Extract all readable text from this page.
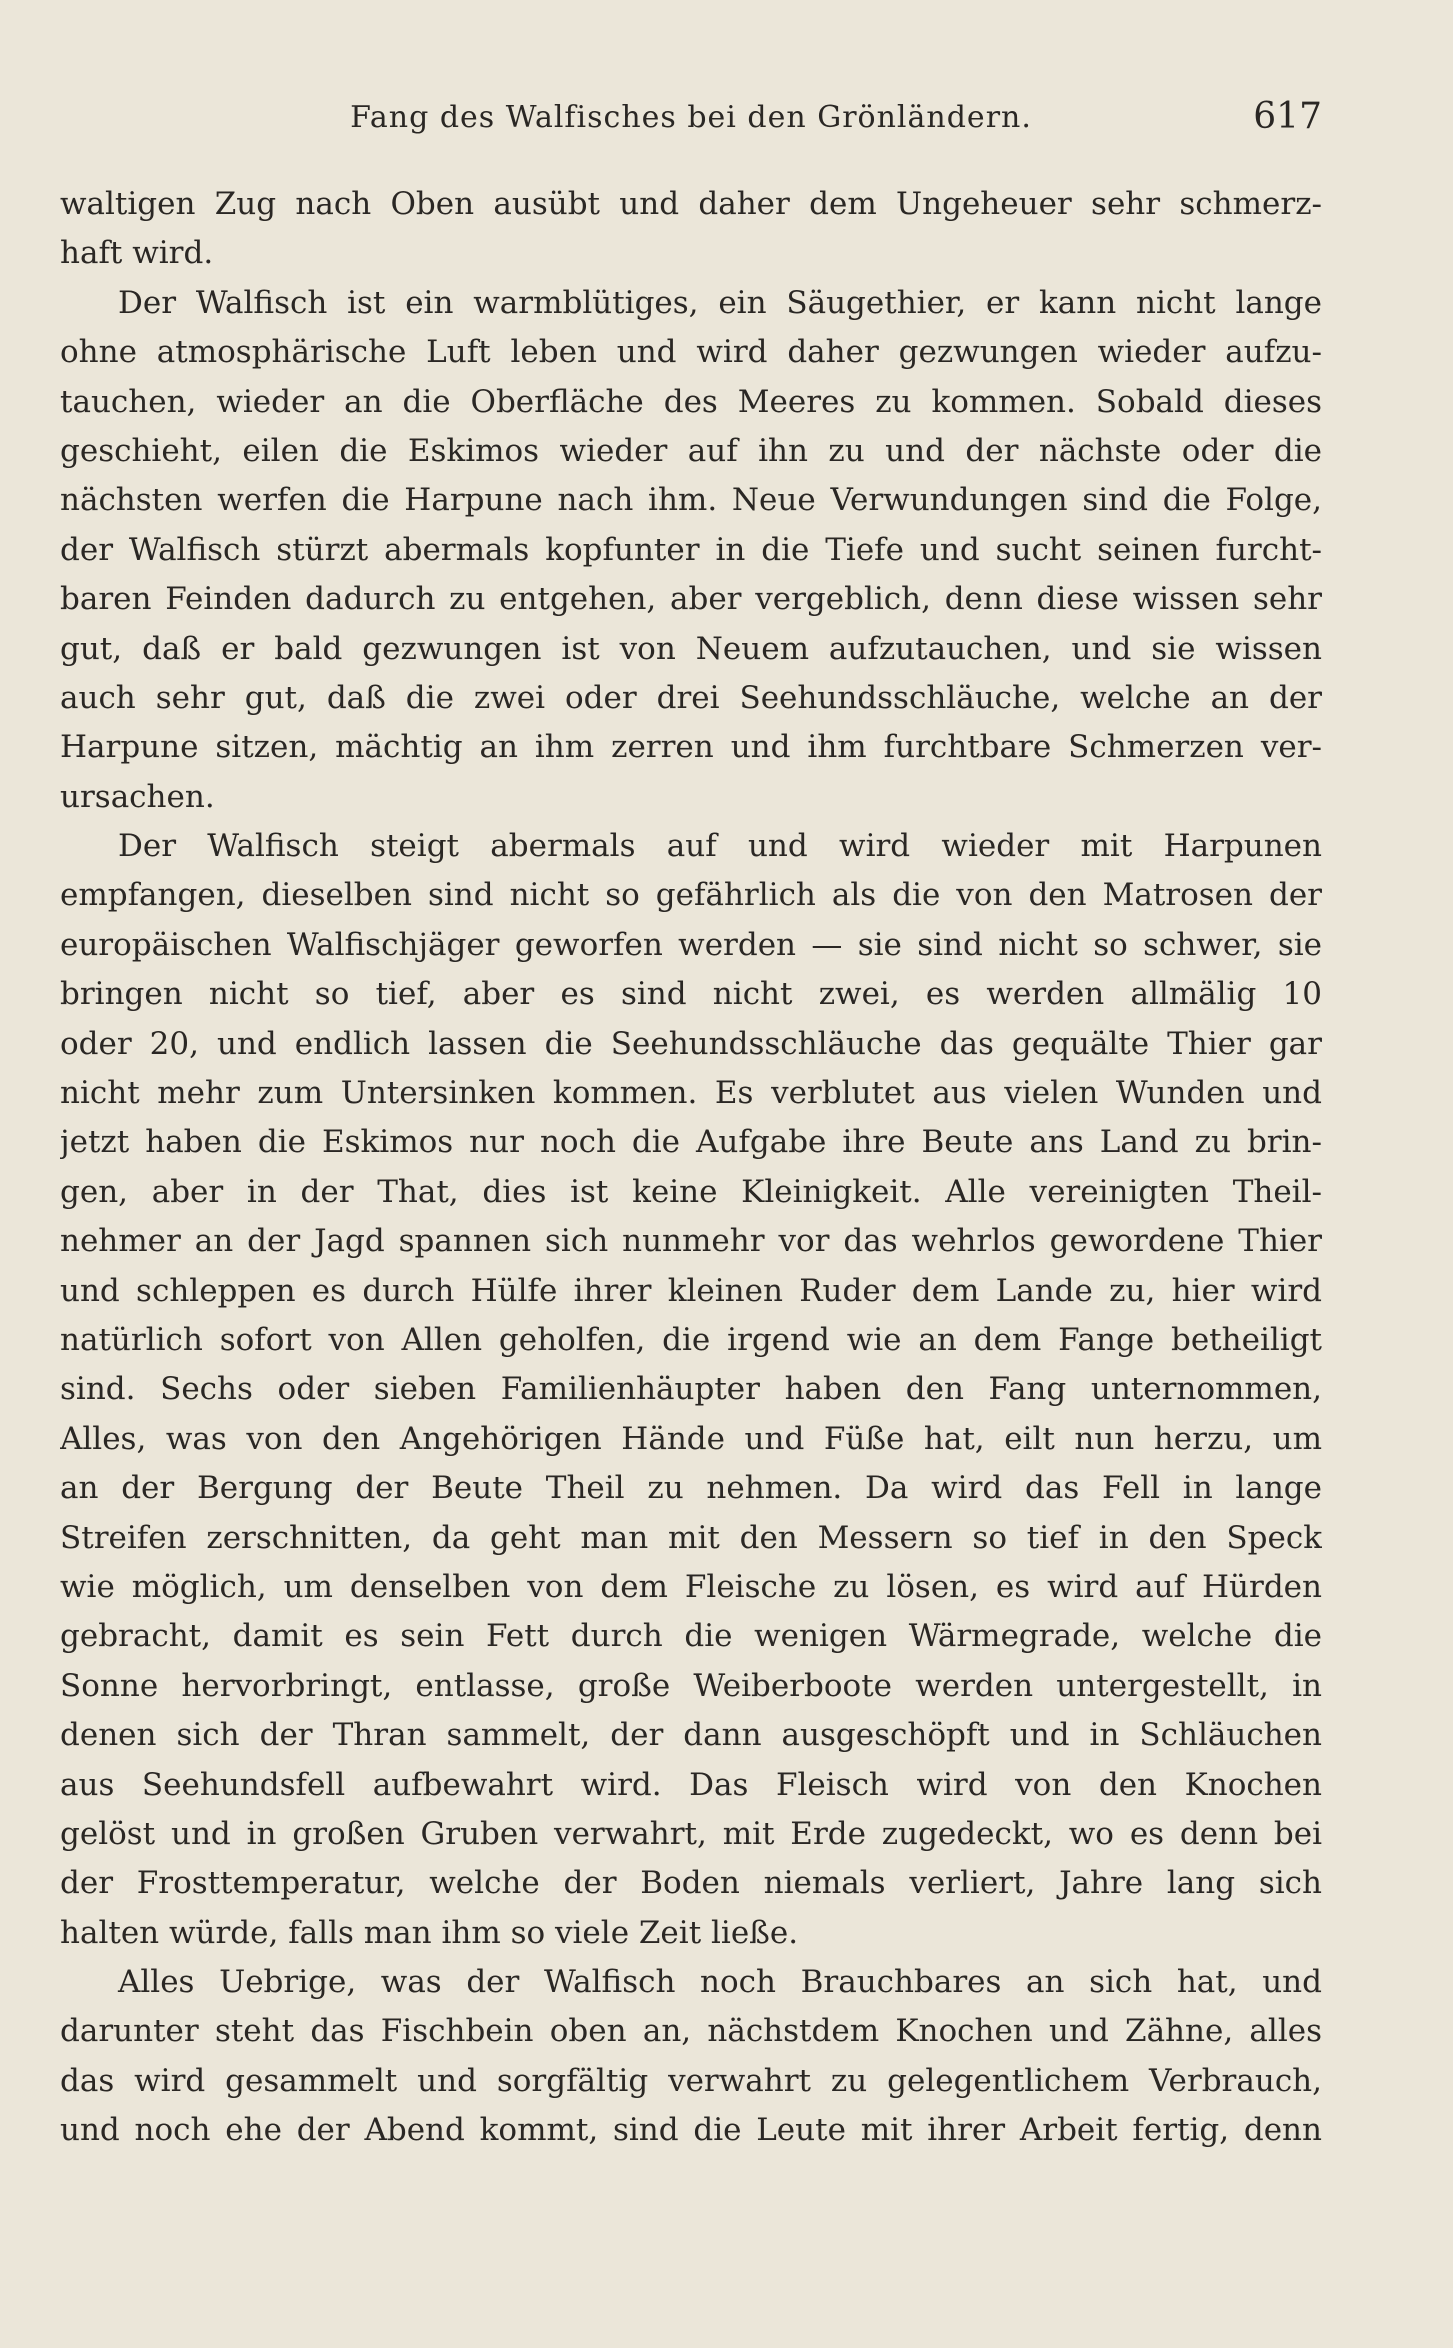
Fang des Walfisches bei den Grönländern.	617
waltigen Zug nach Oben ausübt und daher dem Ungeheuer sehr schmerz-
haft wird.
Der Walfisch ist ein warmblütiges, ein Säugethier, er kann nicht lange
ohne atmosphärische Luft leben und wird daher gezwungen wieder aufzu-
tauchen, wieder an die Oberfläche des Meeres zu kommen. Sobald dieses
geschieht, eilen die Eskimos wieder auf ihn zu und der nächste oder die
nächsten werfen die Harpune nach ihm. Neue Verwundungen sind die Folge,
der Walfisch stürzt abermals kopfunter in die Tiefe und sucht seinen furcht-
baren Feinden dadurch zu entgehen, aber vergeblich, denn diese wissen sehr
gut, daß er bald gezwungen ist von Neuem aufzutauchen, und sie wissen
auch sehr gut, daß die zwei oder drei Seehundsschläuche, welche an der
Harpune sitzen, mächtig an ihm zerren und ihm furchtbare Schmerzen ver-
ursachen.
Der Walfisch steigt abermals auf und wird wieder mit Harpunen
empfangen, dieselben sind nicht so gefährlich als die von den Matrosen der
europäischen Walfischjäger geworfen werden — sie sind nicht so schwer, sie
bringen nicht so tief, aber es sind nicht zwei, es werden allmälig 10
oder 20, und endlich lassen die Seehundsschläuche das gequälte Thier gar
nicht mehr zum Untersinken kommen. Es verblutet aus vielen Wunden und
jetzt haben die Eskimos nur noch die Aufgabe ihre Beute ans Land zu brin-
gen, aber in der That, dies ist keine Kleinigkeit. Alle vereinigten Theil-
nehmer an der Jagd spannen sich nunmehr vor das wehrlos gewordene Thier
und schleppen es durch Hülfe ihrer kleinen Ruder dem Lande zu, hier wird
natürlich sofort von Allen geholfen, die irgend wie an dem Fange betheiligt
sind. Sechs oder sieben Familienhäupter haben den Fang unternommen,
Alles, was von den Angehörigen Hände und Füße hat, eilt nun herzu, um
an der Bergung der Beute Theil zu nehmen. Da wird das Fell in lange
Streifen zerschnitten, da geht man mit den Messern so tief in den Speck
wie möglich, um denselben von dem Fleische zu lösen, es wird auf Hürden
gebracht, damit es sein Fett durch die wenigen Wärmegrade, welche die
Sonne hervorbringt, entlasse, große Weiberboote werden untergestellt, in
denen sich der Thran sammelt, der dann ausgeschöpft und in Schläuchen
aus Seehundsfell aufbewahrt wird. Das Fleisch wird von den Knochen
gelöst und in großen Gruben verwahrt, mit Erde zugedeckt, wo es denn bei
der Frosttemperatur, welche der Boden niemals verliert, Jahre lang sich
halten würde, falls man ihm so viele Zeit ließe.
Alles Uebrige, was der Walfisch noch Brauchbares an sich hat, und
darunter steht das Fischbein oben an, nächstdem Knochen und Zähne, alles
das wird gesammelt und sorgfältig verwahrt zu gelegentlichem Verbrauch,
und noch ehe der Abend kommt, sind die Leute mit ihrer Arbeit fertig, denn
